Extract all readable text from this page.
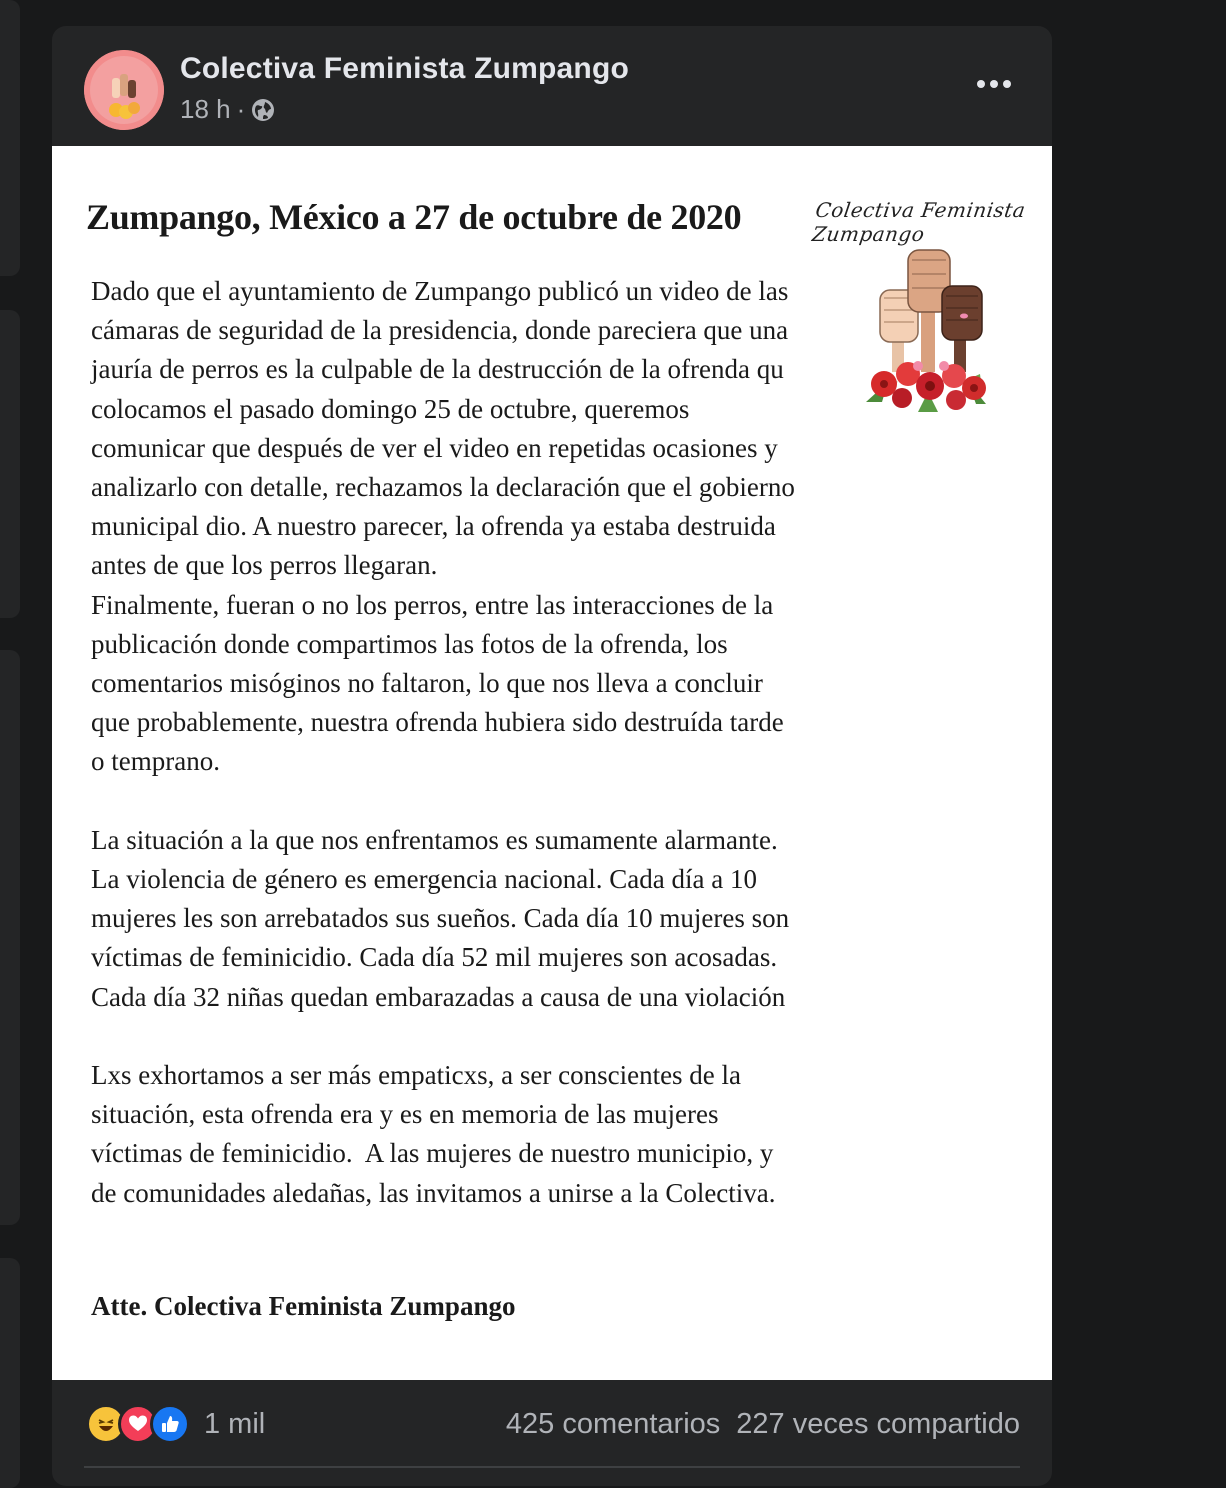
Colectiva Feminista Zumpango
18 h ·
Zumpango, México a 27 de octubre de 2020	Colectiva Feminista Zumpango
Dado que el ayuntamiento de Zumpango publicó un video de las
cámaras de seguridad de la presidencia, donde pareciera que una
jauría de perros es la culpable de la destrucción de la ofrenda qu
colocamos el pasado domingo 25 de octubre, queremos
comunicar que después de ver el video en repetidas ocasiones y
analizarlo con detalle, rechazamos la declaración que el gobierno
municipal dio. A nuestro parecer, la ofrenda ya estaba destruida
antes de que los perros llegaran.
Finalmente, fueran o no los perros, entre las interacciones de la
publicación donde compartimos las fotos de la ofrenda, los
comentarios misóginos no faltaron, lo que nos lleva a concluir
que probablemente, nuestra ofrenda hubiera sido destruída tarde
o temprano.

La situación a la que nos enfrentamos es sumamente alarmante.
La violencia de género es emergencia nacional. Cada día a 10
mujeres les son arrebatados sus sueños. Cada día 10 mujeres son
víctimas de feminicidio. Cada día 52 mil mujeres son acosadas.
Cada día 32 niñas quedan embarazadas a causa de una violación

Lxs exhortamos a ser más empaticxs, a ser conscientes de la
situación, esta ofrenda era y es en memoria de las mujeres
víctimas de feminicidio.  A las mujeres de nuestro municipio, y
de comunidades aledañas, las invitamos a unirse a la Colectiva.
Atte. Colectiva Feminista Zumpango
1 mil	425 comentarios 227 veces compartido
